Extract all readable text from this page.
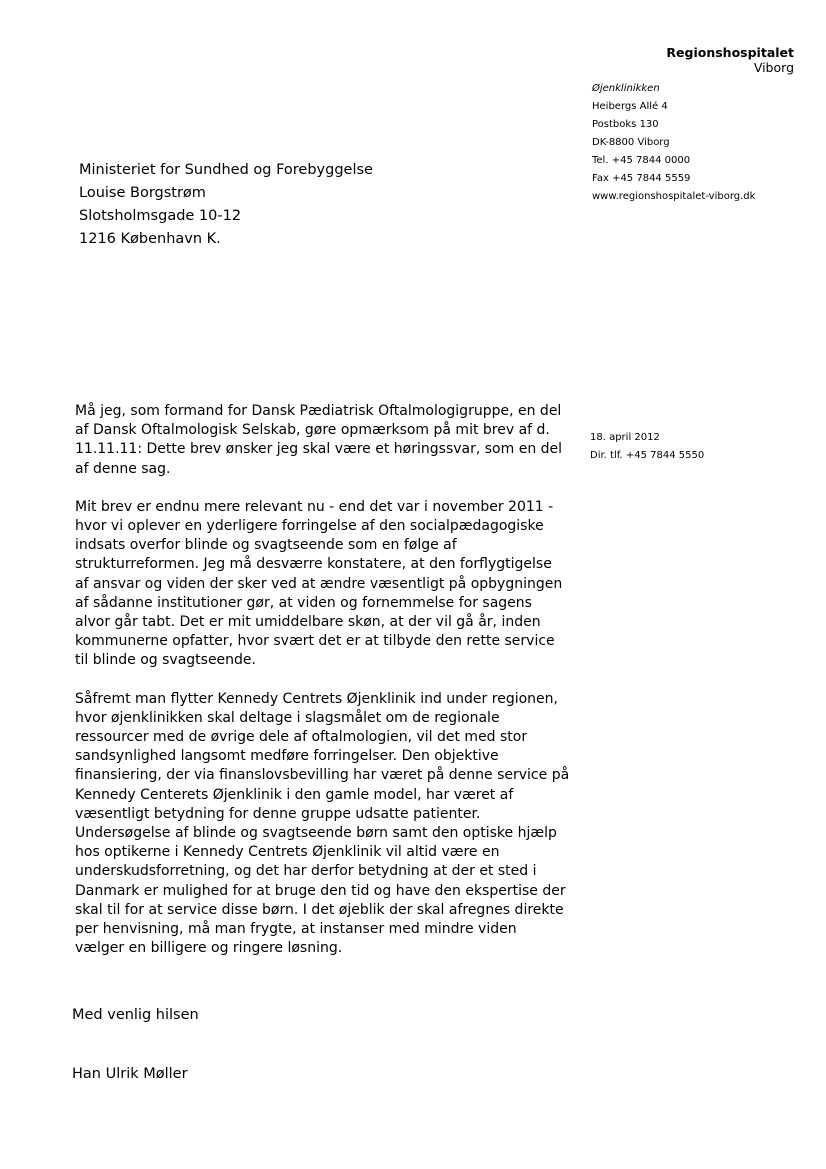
Regionshospitalet
Viborg
Øjenklinikken
Heibergs Allé 4
Postboks 130
DK-8800 Viborg
Tel. +45 7844 0000
Fax +45 7844 5559
www.regionshospitalet-viborg.dk
Ministeriet for Sundhed og Forebyggelse
Louise Borgstrøm
Slotsholmsgade 10-12
1216 København K.
18. april 2012
Dir. tlf. +45 7844 5550

Må jeg, som formand for Dansk Pædiatrisk Oftalmologigruppe, en del
af Dansk Oftalmologisk Selskab, gøre opmærksom på mit brev af d.
11.11.11: Dette brev ønsker jeg skal være et høringssvar, som en del
af denne sag.

Mit brev er endnu mere relevant nu - end det var i november 2011 -
hvor vi oplever en yderligere forringelse af den socialpædagogiske
indsats overfor blinde og svagtseende som en følge af
strukturreformen. Jeg må desværre konstatere, at den forflygtigelse
af ansvar og viden der sker ved at ændre væsentligt på opbygningen
af sådanne institutioner gør, at viden og fornemmelse for sagens
alvor går tabt. Det er mit umiddelbare skøn, at der vil gå år, inden
kommunerne opfatter, hvor svært det er at tilbyde den rette service
til blinde og svagtseende.

Såfremt man flytter Kennedy Centrets Øjenklinik ind under regionen,
hvor øjenklinikken skal deltage i slagsmålet om de regionale
ressourcer med de øvrige dele af oftalmologien, vil det med stor
sandsynlighed langsomt medføre forringelser. Den objektive
finansiering, der via finanslovsbevilling har været på denne service på
Kennedy Centerets Øjenklinik i den gamle model, har været af
væsentligt betydning for denne gruppe udsatte patienter.
Undersøgelse af blinde og svagtseende børn samt den optiske hjælp
hos optikerne i Kennedy Centrets Øjenklinik vil altid være en
underskudsforretning, og det har derfor betydning at der et sted i
Danmark er mulighed for at bruge den tid og have den ekspertise der
skal til for at service disse børn. I det øjeblik der skal afregnes direkte
per henvisning, må man frygte, at instanser med mindre viden
vælger en billigere og ringere løsning.

Med venlig hilsen
Han Ulrik Møller
